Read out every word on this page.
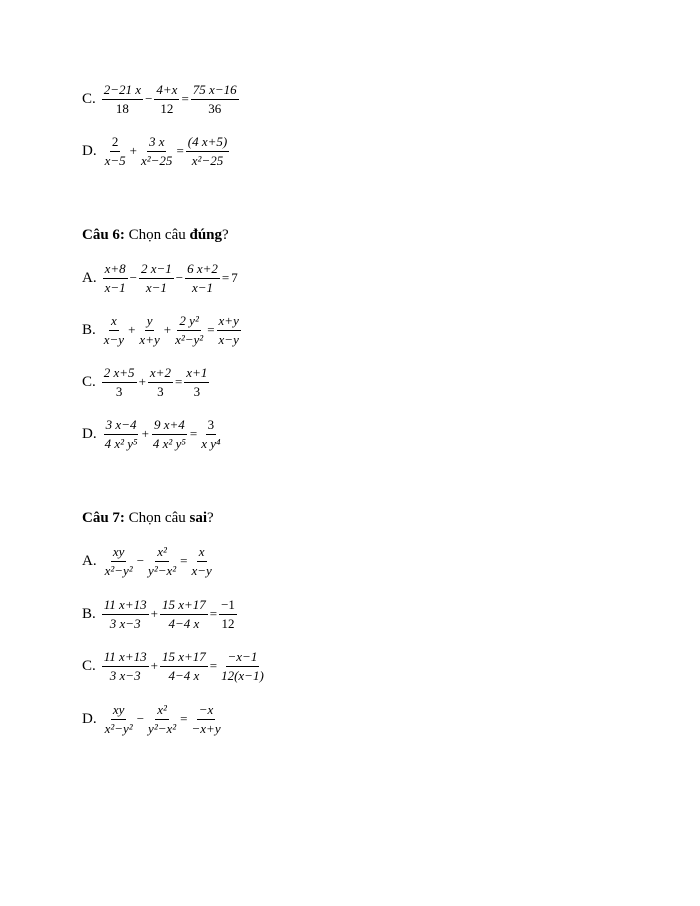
C. $\frac{2-21 x}{18} - \frac{4+x}{12} = \frac{75 x-16}{36}$
D. $\frac{2}{x-5} + \frac{3 x}{\text{x²−25}} = \frac{(4 x+5)}{\text{x²−25}}$
Câu 6: Chọn câu đúng?
A. $\frac{x+8}{x-1} - \frac{2 x-1}{x-1} - \frac{6 x+2}{x-1} = 7$
B. $\frac{x}{x-y} + \frac{y}{x+y} + \frac{\text{2 y²}}{\text{x²−y²}} = \frac{x+y}{x-y}$
C. $\frac{2 x+5}{3} + \frac{x+2}{3} = \frac{x+1}{3}$
D. $\frac{3 x-4}{\text{4 x² y⁵}} + \frac{9 x+4}{\text{4 x² y⁵}} = \frac{3}{\text{x y⁴}}$
Câu 7: Chọn câu sai?
A. $\frac{xy}{\text{x²−y²}} - \frac{\text{x²}}{\text{y²−x²}} = \frac{x}{x-y}$
B. $\frac{11 x+13}{3 x-3} + \frac{15 x+17}{4-4 x} = \frac{-1}{12}$
C. $\frac{11 x+13}{3 x-3} + \frac{15 x+17}{4-4 x} = \frac{-x-1}{12(x-1)}$
D. $\frac{xy}{\text{x²−y²}} - \frac{\text{x²}}{\text{y²−x²}} = \frac{-x}{-x+y}$
